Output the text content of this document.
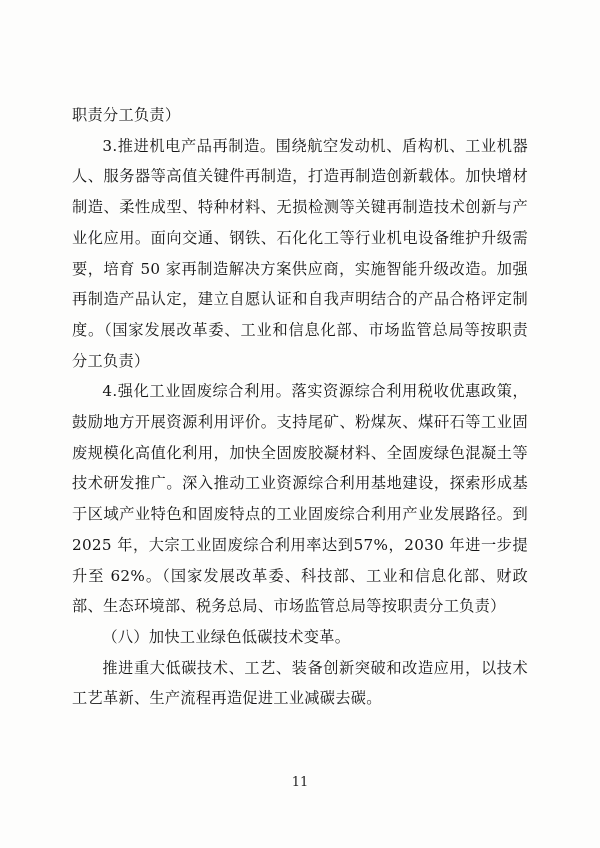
职责分工负责）

3.推进机电产品再制造。围绕航空发动机、盾构机、工业机器人、服务器等高值关键件再制造，打造再制造创新载体。加快增材制造、柔性成型、特种材料、无损检测等关键再制造技术创新与产业化应用。面向交通、钢铁、石化化工等行业机电设备维护升级需要，培育 50 家再制造解决方案供应商，实施智能升级改造。加强再制造产品认定，建立自愿认证和自我声明结合的产品合格评定制度。（国家发展改革委、工业和信息化部、市场监管总局等按职责分工负责）

4.强化工业固废综合利用。落实资源综合利用税收优惠政策，鼓励地方开展资源利用评价。支持尾矿、粉煤灰、煤矸石等工业固废规模化高值化利用，加快全固废胶凝材料、全固废绿色混凝土等技术研发推广。深入推动工业资源综合利用基地建设，探索形成基于区域产业特色和固废特点的工业固废综合利用产业发展路径。到 2025 年，大宗工业固废综合利用率达到57%，2030 年进一步提升至 62%。（国家发展改革委、科技部、工业和信息化部、财政部、生态环境部、税务总局、市场监管总局等按职责分工负责）

（八）加快工业绿色低碳技术变革。

推进重大低碳技术、工艺、装备创新突破和改造应用，以技术工艺革新、生产流程再造促进工业减碳去碳。

11
